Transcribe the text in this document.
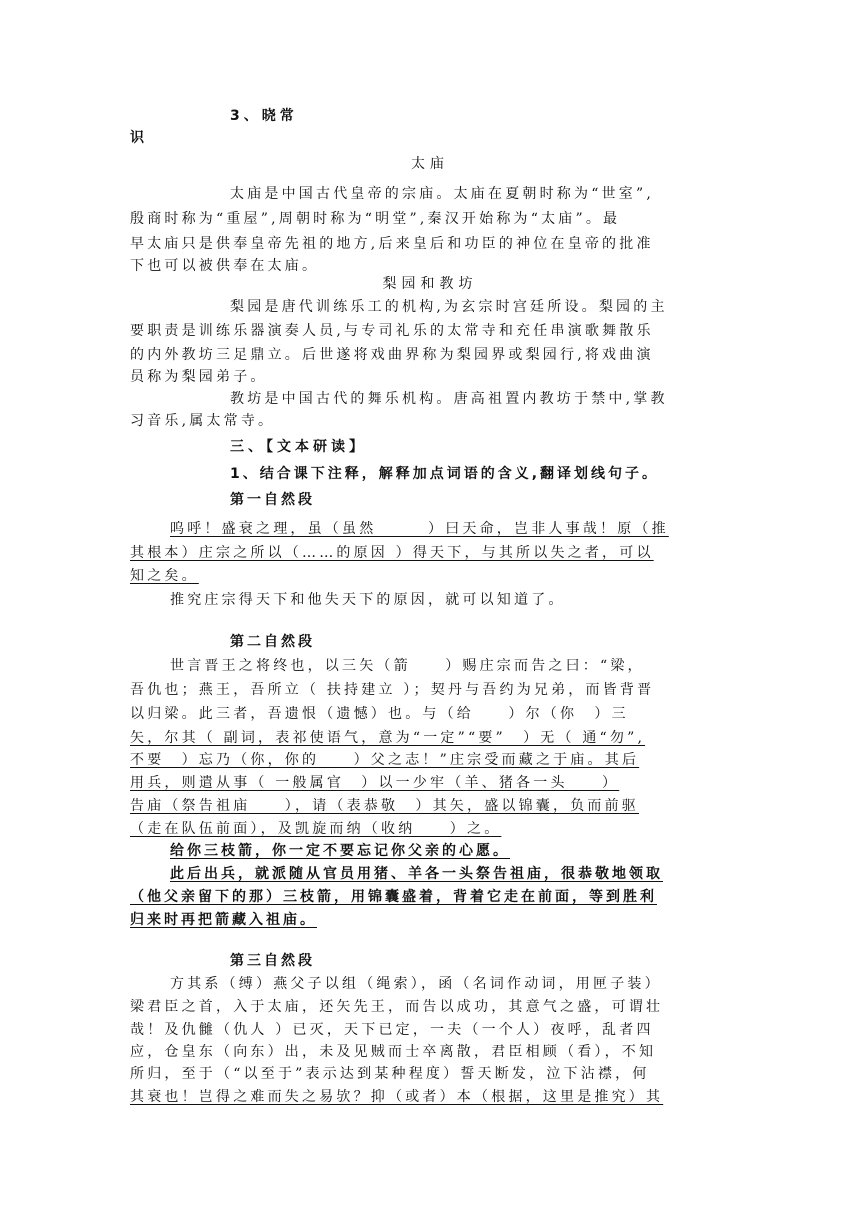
3、晓常
识
太庙
太庙是中国古代皇帝的宗庙。太庙在夏朝时称为“世室”,
殷商时称为“重屋”,周朝时称为“明堂”,秦汉开始称为“太庙”。最
早太庙只是供奉皇帝先祖的地方,后来皇后和功臣的神位在皇帝的批准
下也可以被供奉在太庙。
梨园和教坊
梨园是唐代训练乐工的机构,为玄宗时宫廷所设。梨园的主
要职责是训练乐器演奏人员,与专司礼乐的太常寺和充任串演歌舞散乐
的内外教坊三足鼎立。后世遂将戏曲界称为梨园界或梨园行,将戏曲演
员称为梨园弟子。
教坊是中国古代的舞乐机构。唐高祖置内教坊于禁中,掌教
习音乐,属太常寺。
三、【文本研读】
1、结合课下注释，解释加点词语的含义,翻译划线句子。
第一自然段
呜呼！盛衰之理，虽（虽然　　　）曰天命，岂非人事哉！原（推
其根本）庄宗之所以（……的原因 ）得天下，与其所以失之者，可以
知之矣。
推究庄宗得天下和他失天下的原因，就可以知道了。
第二自然段
世言晋王之将终也，以三矢（箭　　）赐庄宗而告之曰：“梁，
吾仇也；燕王，吾所立（ 扶持建立 ）；契丹与吾约为兄弟，而皆背晋
以归梁。此三者，吾遗恨（遗憾）也。与（给　　）尔（你　）三
矢，尔其（ 副词，表祁使语气，意为“一定”“要”　）无（ 通“勿”,
不要　）忘乃（你，你的　　）父之志！”庄宗受而藏之于庙。其后
用兵，则遣从事（ 一般属官　）以一少牢（羊、猪各一头　　）
告庙（祭告祖庙　　），请（表恭敬　）其矢，盛以锦囊，负而前驱
（走在队伍前面），及凯旋而纳（收纳　　）之。
给你三枝箭，你一定不要忘记你父亲的心愿。
此后出兵，就派随从官员用猪、羊各一头祭告祖庙，很恭敬地领取
（他父亲留下的那）三枝箭，用锦囊盛着，背着它走在前面，等到胜利
归来时再把箭藏入祖庙。
第三自然段
方其系（缚）燕父子以组（绳索），函（名词作动词，用匣子装）
梁君臣之首，入于太庙，还矢先王，而告以成功，其意气之盛，可谓壮
哉！及仇雠（仇人 ）已灭，天下已定，一夫（一个人）夜呼，乱者四
应，仓皇东（向东）出，未及见贼而士卒离散，君臣相顾（看），不知
所归，至于（“以至于”表示达到某种程度）誓天断发，泣下沾襟，何
其衰也！岂得之难而失之易欤？抑（或者）本（根据，这里是推究）其
